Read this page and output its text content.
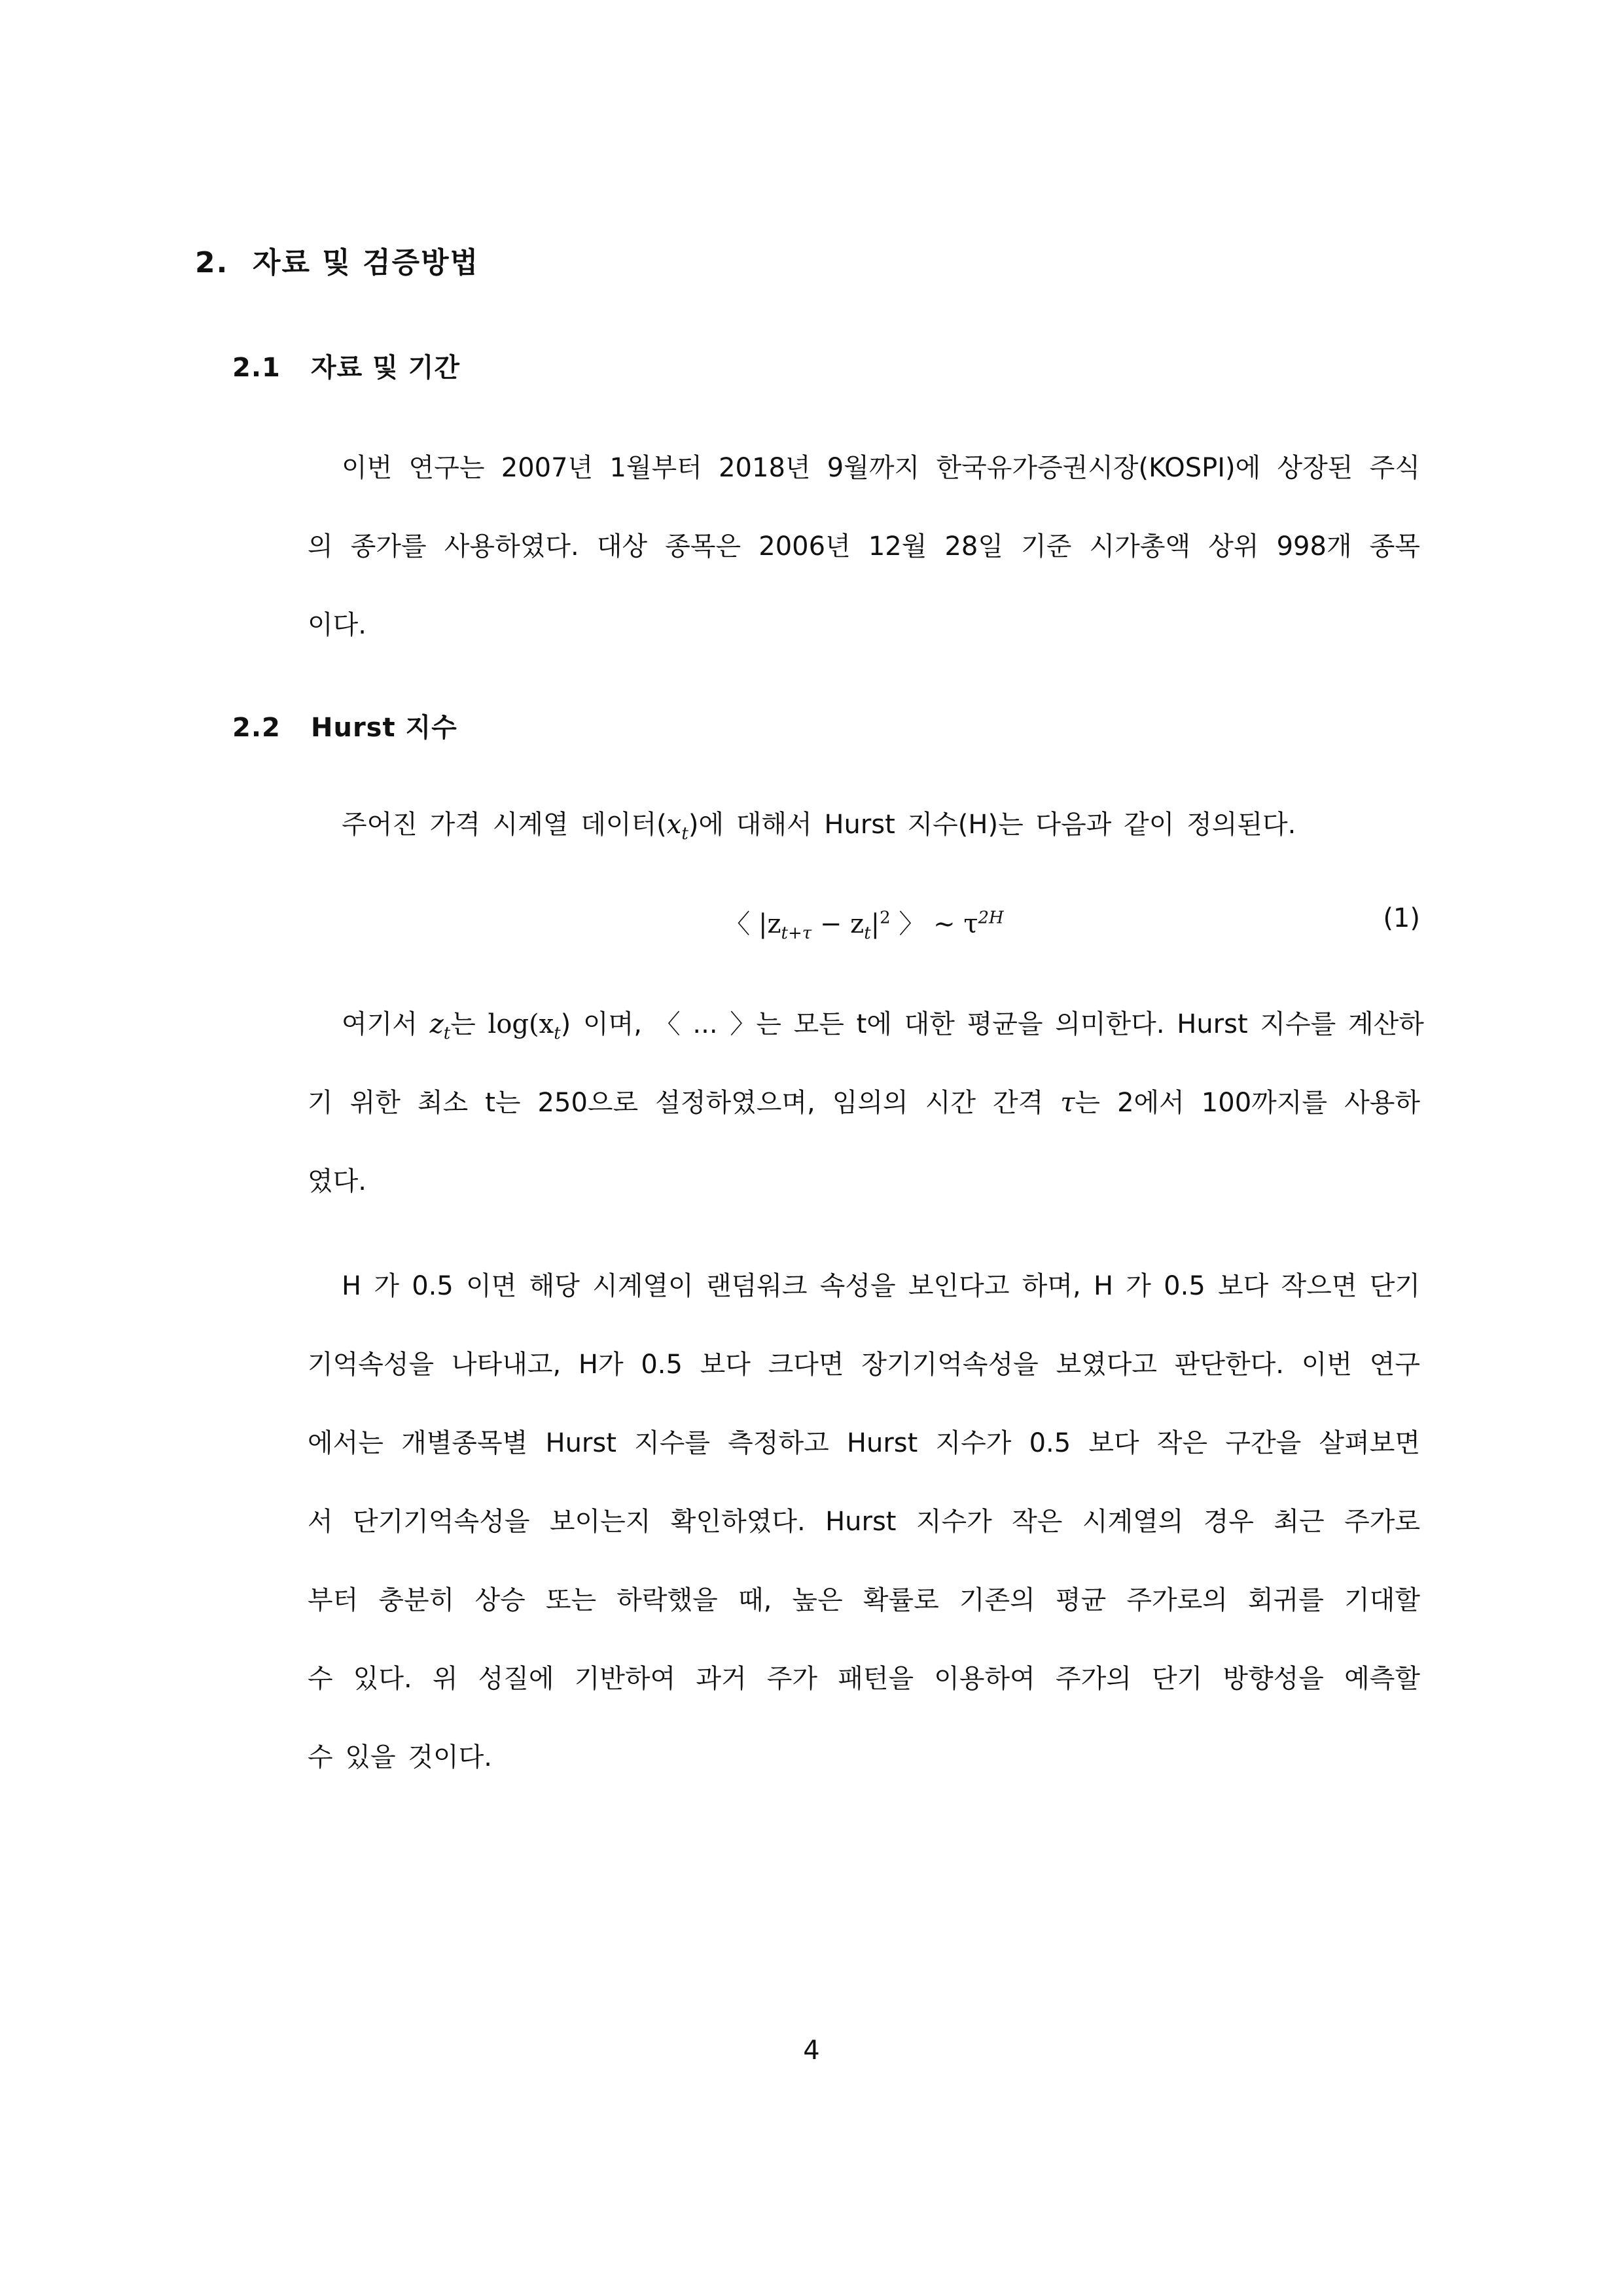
2. 자료 및 검증방법
2.1 자료 및 기간
이번 연구는 2007년 1월부터 2018년 9월까지 한국유가증권시장(KOSPI)에 상장된 주식
의 종가를 사용하였다. 대상 종목은 2006년 12월 28일 기준 시가총액 상위 998개 종목
이다.
2.2 Hurst 지수
주어진 가격 시계열 데이터$(x_t)$에 대해서 Hurst 지수(H)는 다음과 같이 정의된다.
〈 $|z_{t+\tau} - z_t|^2$ 〉 ∼ $\tau^{2H}$	(1)
여기서 $z_t$는 $\log(x_t)$ 이며, 〈 ... 〉는 모든 t에 대한 평균을 의미한다. Hurst 지수를 계산하
기 위한 최소 t는 250으로 설정하였으며, 임의의 시간 간격 τ는 2에서 100까지를 사용하
였다.
H 가 0.5 이면 해당 시계열이 랜덤워크 속성을 보인다고 하며, H 가 0.5 보다 작으면 단기
기억속성을 나타내고, H가 0.5 보다 크다면 장기기억속성을 보였다고 판단한다. 이번 연구
에서는 개별종목별 Hurst 지수를 측정하고 Hurst 지수가 0.5 보다 작은 구간을 살펴보면
서 단기기억속성을 보이는지 확인하였다. Hurst 지수가 작은 시계열의 경우 최근 주가로
부터 충분히 상승 또는 하락했을 때, 높은 확률로 기존의 평균 주가로의 회귀를 기대할
수 있다. 위 성질에 기반하여 과거 주가 패턴을 이용하여 주가의 단기 방향성을 예측할
수 있을 것이다.
4
